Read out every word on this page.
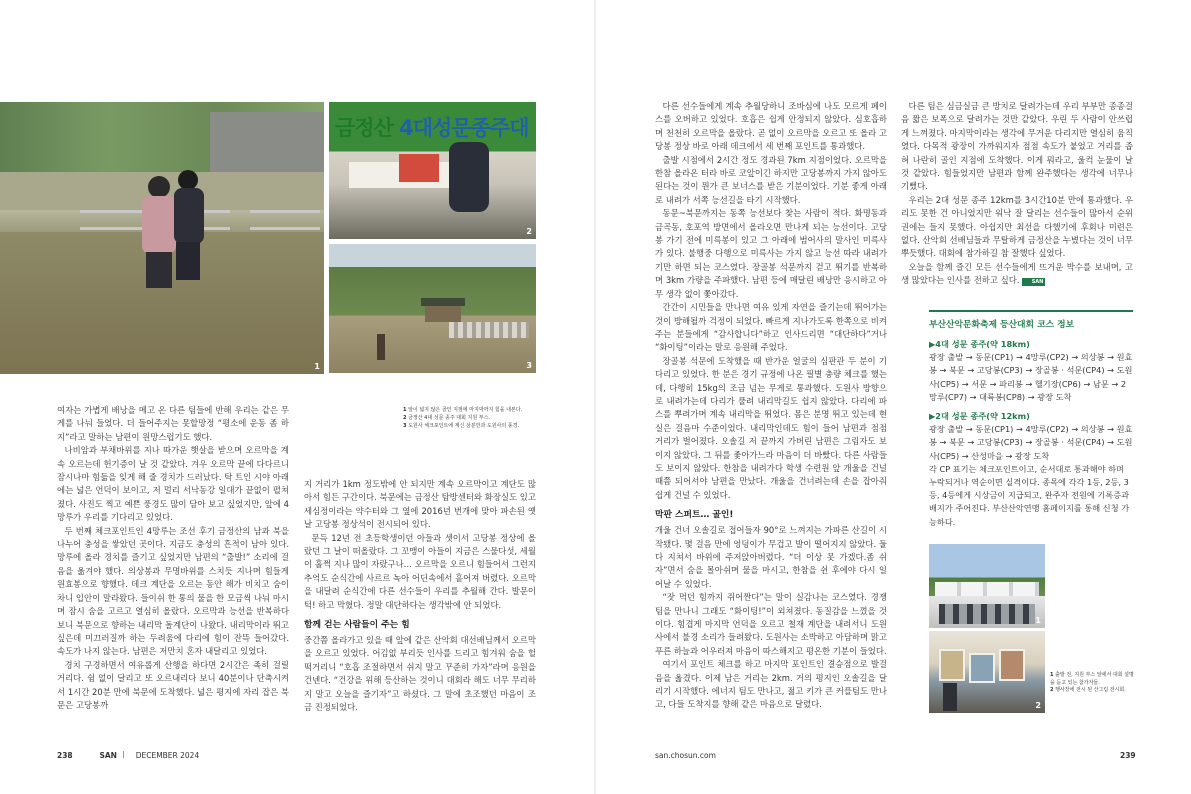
1
금정산 4대성문종주대
2
3
1 앞이 넓지 않은 골인 지점에 마지막까지 힘을 내본다.
2 금정산 4대 성문 종주 대회 지원 부스.
3 도원사 체크포인트에 계신 삼분만과 도원사의 풍경.

여자는 가볍게 배낭을 메고 온 다른 팀들에 반해 우리는 같은 무게를 나눠 들었다. 더 들어주지는 못할망정 “평소에 운동 좀 하지”라고 말하는 남편이 원망스럽기도 했다.

나비암과 부채바위를 지나 따가운 햇살을 받으며 오르막을 계속 오르는데 헌기증이 날 것 같았다. 겨우 오르막 끝에 다다르니 잠시나마 힘듦을 잊게 해 줄 경치가 드러났다. 탁 트인 시야 아래에는 넓은 언덕이 보이고, 저 멀리 서낙동강 일대가 끝없이 펼쳐졌다. 사진도 찍고 예쁜 풍경도 많이 담아 보고 싶었지만, 앞에 4망루가 우리를 기다리고 있었다.

두 번째 체크포인트인 4망루는 조선 후기 금정산의 남과 북을 나누어 충성을 쌓았던 곳이다. 지금도 충성의 흔적이 남아 있다. 망루에 올라 경치를 즐기고 싶었지만 남편의 “출발!” 소리에 걸음을 옮겨야 했다. 의상봉과 무명바위를 스치듯 지나며 힘들게 원효봉으로 향했다. 데크 계단을 오르는 동안 해가 비치고 숨이 차니 입안이 말라왔다. 들이쉬 한 통의 물을 한 모금씩 나눠 마시며 잠시 숨을 고르고 열심히 올랐다. 오르막과 능선을 반복하다 보니 북문으로 향하는 내리막 돌계단이 나왔다. 내리막이라 뛰고 싶은데 미끄러질까 하는 두려움에 다리에 힘이 잔뜩 들어갔다. 속도가 나지 않는다. 남편은 저만치 혼자 내달리고 있었다.

경치 구경하면서 여유롭게 산행을 하다면 2시간은 족히 걸릴 거리다. 쉼 없이 달리고 또 오르내리다 보니 40분이나 단축시켜서 1시간 20분 만에 북문에 도착했다. 넓은 평지에 자리 잡은 북문은 고당봉까

지 거리가 1km 정도밖에 안 되지만 계속 오르막이고 계단도 많아서 힘든 구간이다. 북문에는 금정산 탐방센터와 화장실도 있고 세심정이라는 약수터와 그 옆에 2016년 번개에 맞아 파손된 옛날 고당봉 정상석이 전시되어 있다.

문득 12년 전 초등학생이던 아들과 셋이서 고당봉 정상에 올랐던 그 날이 떠올랐다. 그 꼬맹이 아들이 지금은 스물다섯, 세월이 훌쩍 지나 많이 자랐구나… 오르막을 오르니 힘들어서 그런지 추억도 순식간에 사르르 녹아 어딘속에서 흩어져 버렸다. 오르막을 내달려 순식간에 다른 선수들이 우리를 추월해 간다. 발문이 턱! 하고 막혔다. 정말 대단하다는 생각밖에 안 되었다.

함께 걷는 사람들이 주는 힘

중간쯤 올라가고 있을 때 앞에 같은 산악회 대선배님께서 오르막을 오르고 있었다. 어김없 부리듯 인사를 드리고 힘겨워 숨을 헐떡거리니 “호흡 조절하면서 쉬지 말고 꾸준히 가자”라며 응원을 건넨다. “건강을 위해 등산하는 것이니 대회라 해도 너무 무리하지 말고 오늘을 즐기자”고 하셨다. 그 말에 초조했던 마음이 조금 진정되었다.

238	SAN	DECEMBER 2024

다른 선수들에게 계속 추월당하니 조바심에 나도 모르게 페이스를 오버하고 있었다. 호흡은 쉽게 안정되지 않았다. 심호흡하며 천천히 오르막을 올랐다. 곧 없이 오르막을 오르고 또 올라 고당봉 정상 바로 아래 데크에서 세 번째 포인트를 통과했다.

출발 시점에서 2시간 정도 경과된 7km 지점이었다. 오르막을 한참 올라온 터라 바로 코앞이긴 하지만 고당봉까지 가지 않아도 된다는 것이 뭔가 큰 보너스를 받은 기분이었다. 기분 좋게 아래로 내려가 서쪽 능선길을 타기 시작했다.

동문~북문까지는 동쪽 능선보다 찾는 사람이 적다. 화명동과 금곡동, 호포역 방면에서 올라오면 만나게 되는 능선이다. 고당봉 가기 전에 미륵봉이 있고 그 아래에 범어사의 말사인 미륵사가 있다. 불행중 다행으로 미륵사는 가지 않고 능선 따라 내려가기만 하면 되는 코스였다. 장골봉 석문까지 걷고 뛰기를 반복하며 3km 가량을 주파했다. 남편 등에 매달린 배낭만 응시하고 아무 생각 없이 쫓아갔다.

간간이 시민들을 만나면 여유 있게 자연을 즐기는데 뛰어가는 것이 방해될까 걱정이 되었다. 빠르게 지나가도록 한쪽으로 비켜 주는 분들에게 “감사합니다”하고 인사드리면 “대단하다”거나 “화이팅”이라는 말로 응원해 주었다.

장골봉 석문에 도착했을 때 반가운 얼굴의 심판관 두 분이 기다리고 있었다. 한 분은 경기 규정에 나온 필별 충량 체크를 했는데, 다행히 15kg의 조금 넘는 무게로 통과했다. 도원사 방향으로 내려가는데 다리가 풀려 내리막길도 쉽지 않았다. 다리에 파스를 뿌려가며 계속 내리막을 뛰었다. 몸은 분명 뛰고 있는데 현실은 걸음마 수준이었다. 내리막인데도 힘이 들어 남편과 점점 거리가 벌어졌다. 오솔길 저 끝까지 가버린 남편은 그림자도 보이지 않았다. 그 뒤를 좇아가느라 마음이 더 바빴다. 다른 사람들도 보이지 않았다. 한참을 내려가다 학생 수련원 앞 개울을 건널 때쯤 되어서야 남편을 만났다. 개울을 건너려는데 손을 잡아줘 쉽게 건널 수 있었다.

막판 스퍼트… 골인!

개울 건너 오솔길로 접어들자 90°로 느껴지는 가파른 산길이 시작됐다. 몇 걸음 만에 엉덩이가 무겁고 발이 떨어지지 않았다. 둘 다 지쳐서 바위에 주저앉아버렸다. “더 이상 못 가겠다.좀 쉬자”면서 숨을 몰아쉬며 물을 마시고, 한참을 쉰 후에야 다시 일어날 수 있었다.

“잣 먹던 힘까지 쥐어짠다”는 말이 실감나는 코스였다. 경쟁 팀을 만나니 그래도 “화이팅!”이 외쳐졌다. 동질감을 느꼈을 것이다. 힘겹게 마지막 언덕을 오르고 철재 계단을 내려서니 도원사에서 불경 소리가 들려왔다. 도원사는 소박하고 아담하며 맑고 푸른 하늘과 어우러져 마음이 따스해지고 평온한 기분이 들었다.

여기서 포인트 체크를 하고 마지막 포인트인 결승점으로 발걸음을 옮겼다. 이제 남은 거리는 2km. 거의 평지인 오솔길을 달리기 시작했다. 에너지 팀도 만나고, 젊고 키가 큰 커플팀도 만나고, 다들 도착지를 향해 같은 마음으로 달렸다.

다른 팀은 심금실금 큰 방치로 달려가는데 우리 부부만 종종걸음 짧은 보폭으로 달려가는 것만 같았다. 우린 두 사람이 안쓰럽게 느껴졌다. 마지막이라는 생각에 무거운 다리지만 열심히 움직였다. 다목적 광장이 가까워지자 점점 속도가 붙었고 거리를 좁혀 나란히 골인 지점에 도착했다. 이게 뭐라고, 울컥 눈물이 날 것 같았다. 힘들었지만 남편과 함께 완주했다는 생각에 너무나 기뻤다.

우리는 2대 성문 종주 12km를 3시간10분 만에 통과했다. 우리도 못한 건 아니었지만 워낙 잘 달리는 선수들이 많아서 순위권에는 들지 못했다. 아쉽지만 최선을 다했기에 후회나 미련은 없다. 산악회 선배님들과 무탈하게 금정산을 누볐다는 것이 너무 뿌듯했다. 대회에 참가하길 참 잘했다 싶었다.

오늘을 함께 즐긴 모든 선수들에게 뜨거운 박수를 보내며, 고생 많았다는 인사를 전하고 싶다. SAN

부산산악문화축제 등산대회 코스 정보
▶4대 성문 종주(약 18km)

광장 출발 → 동문(CP1) → 4망루(CP2) → 의상봉 → 원효봉 → 북문 → 고당봉(CP3) → 장골봉 · 석문(CP4) → 도원사(CP5) → 서문 → 파리봉 → 헬기장(CP6) → 남문 → 2망루(CP7) → 대륙봉(CP8) → 광장 도착

▶2대 성문 종주(약 12km)

광장 출발 → 동문(CP1) → 4망루(CP2) → 의상봉 → 원효봉 → 북문 → 고당봉(CP3) → 장골봉 · 석문(CP4) → 도원사(CP5) → 산성마을 → 광장 도착

각 CP 표기는 체크포인트이고, 순서대로 통과해야 하며 누락되거나 역순이면 실격이다. 종목에 각각 1등, 2등, 3등, 4등에게 시상금이 지급되고, 완주자 전원에 기록증과 배지가 주어진다. 부산산악연맹 홈페이지를 통해 신청 가능하다.

1
2
1 출발 전, 지원 부스 앞에서 대회 설명을 듣고 있는 참가자들.
2 행사장에 전시 된 산그림 전시회.
san.chosun.com	239
